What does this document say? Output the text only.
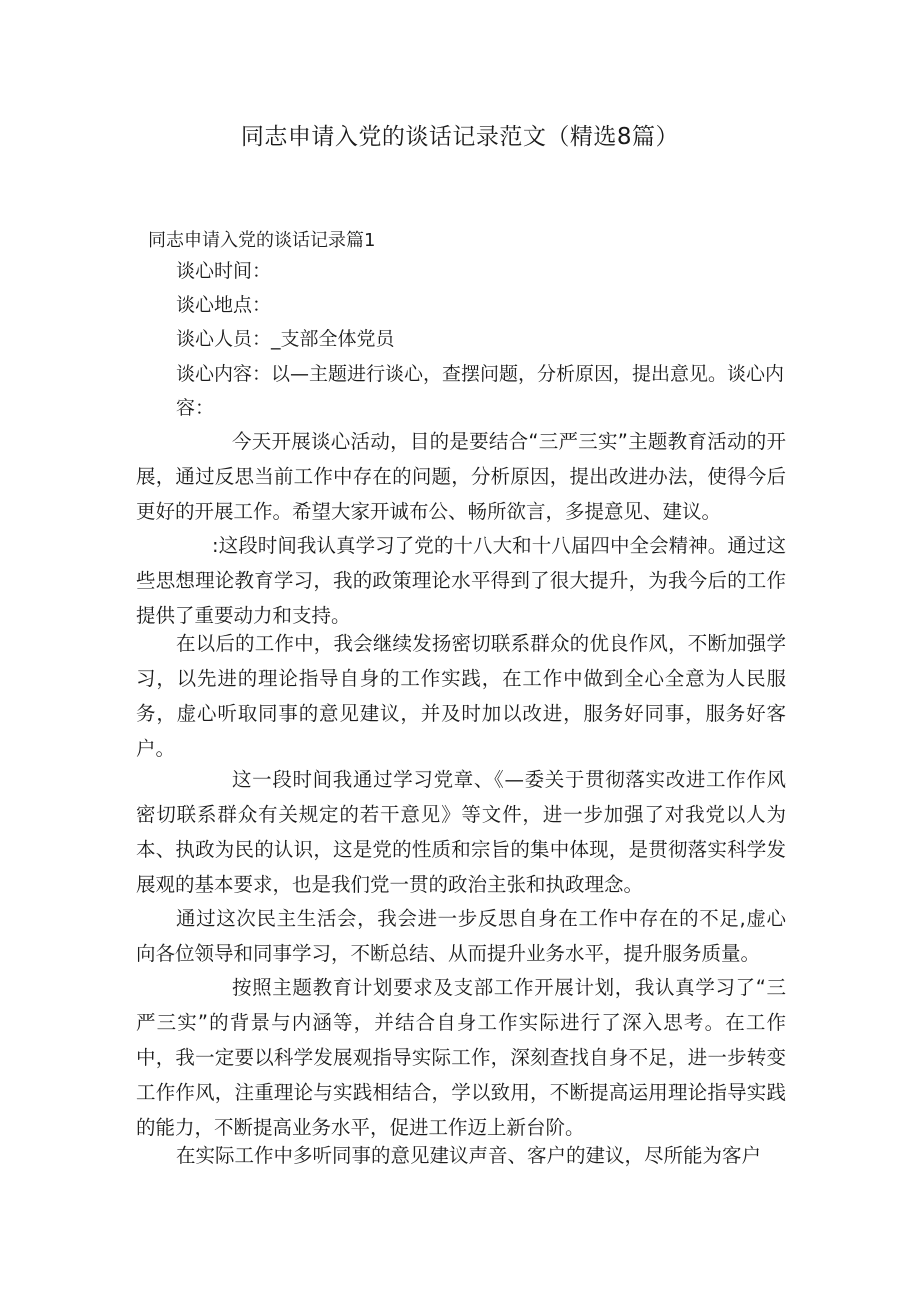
同志申请入党的谈话记录范文（精选8篇）
同志申请入党的谈话记录篇1
谈心时间：
谈心地点：
谈心人员：_支部全体党员
谈心内容：以—主题进行谈心，查摆问题，分析原因，提出意见。谈心内容：

今天开展谈心活动，目的是要结合“三严三实”主题教育活动的开展，通过反思当前工作中存在的问题，分析原因，提出改进办法，使得今后更好的开展工作。希望大家开诚布公、畅所欲言，多提意见、建议。

:这段时间我认真学习了党的十八大和十八届四中全会精神。通过这些思想理论教育学习，我的政策理论水平得到了很大提升，为我今后的工作提供了重要动力和支持。

在以后的工作中，我会继续发扬密切联系群众的优良作风，不断加强学习，以先进的理论指导自身的工作实践，在工作中做到全心全意为人民服务，虚心听取同事的意见建议，并及时加以改进，服务好同事，服务好客户。

这一段时间我通过学习党章、《—委关于贯彻落实改进工作作风密切联系群众有关规定的若干意见》等文件，进一步加强了对我党以人为本、执政为民的认识，这是党的性质和宗旨的集中体现，是贯彻落实科学发展观的基本要求，也是我们党一贯的政治主张和执政理念。

通过这次民主生活会，我会进一步反思自身在工作中存在的不足,虚心向各位领导和同事学习，不断总结、从而提升业务水平，提升服务质量。

按照主题教育计划要求及支部工作开展计划，我认真学习了“三严三实”的背景与内涵等，并结合自身工作实际进行了深入思考。在工作中，我一定要以科学发展观指导实际工作，深刻查找自身不足，进一步转变工作作风，注重理论与实践相结合，学以致用，不断提高运用理论指导实践的能力，不断提高业务水平，促进工作迈上新台阶。

在实际工作中多听同事的意见建议声音、客户的建议，尽所能为客户
